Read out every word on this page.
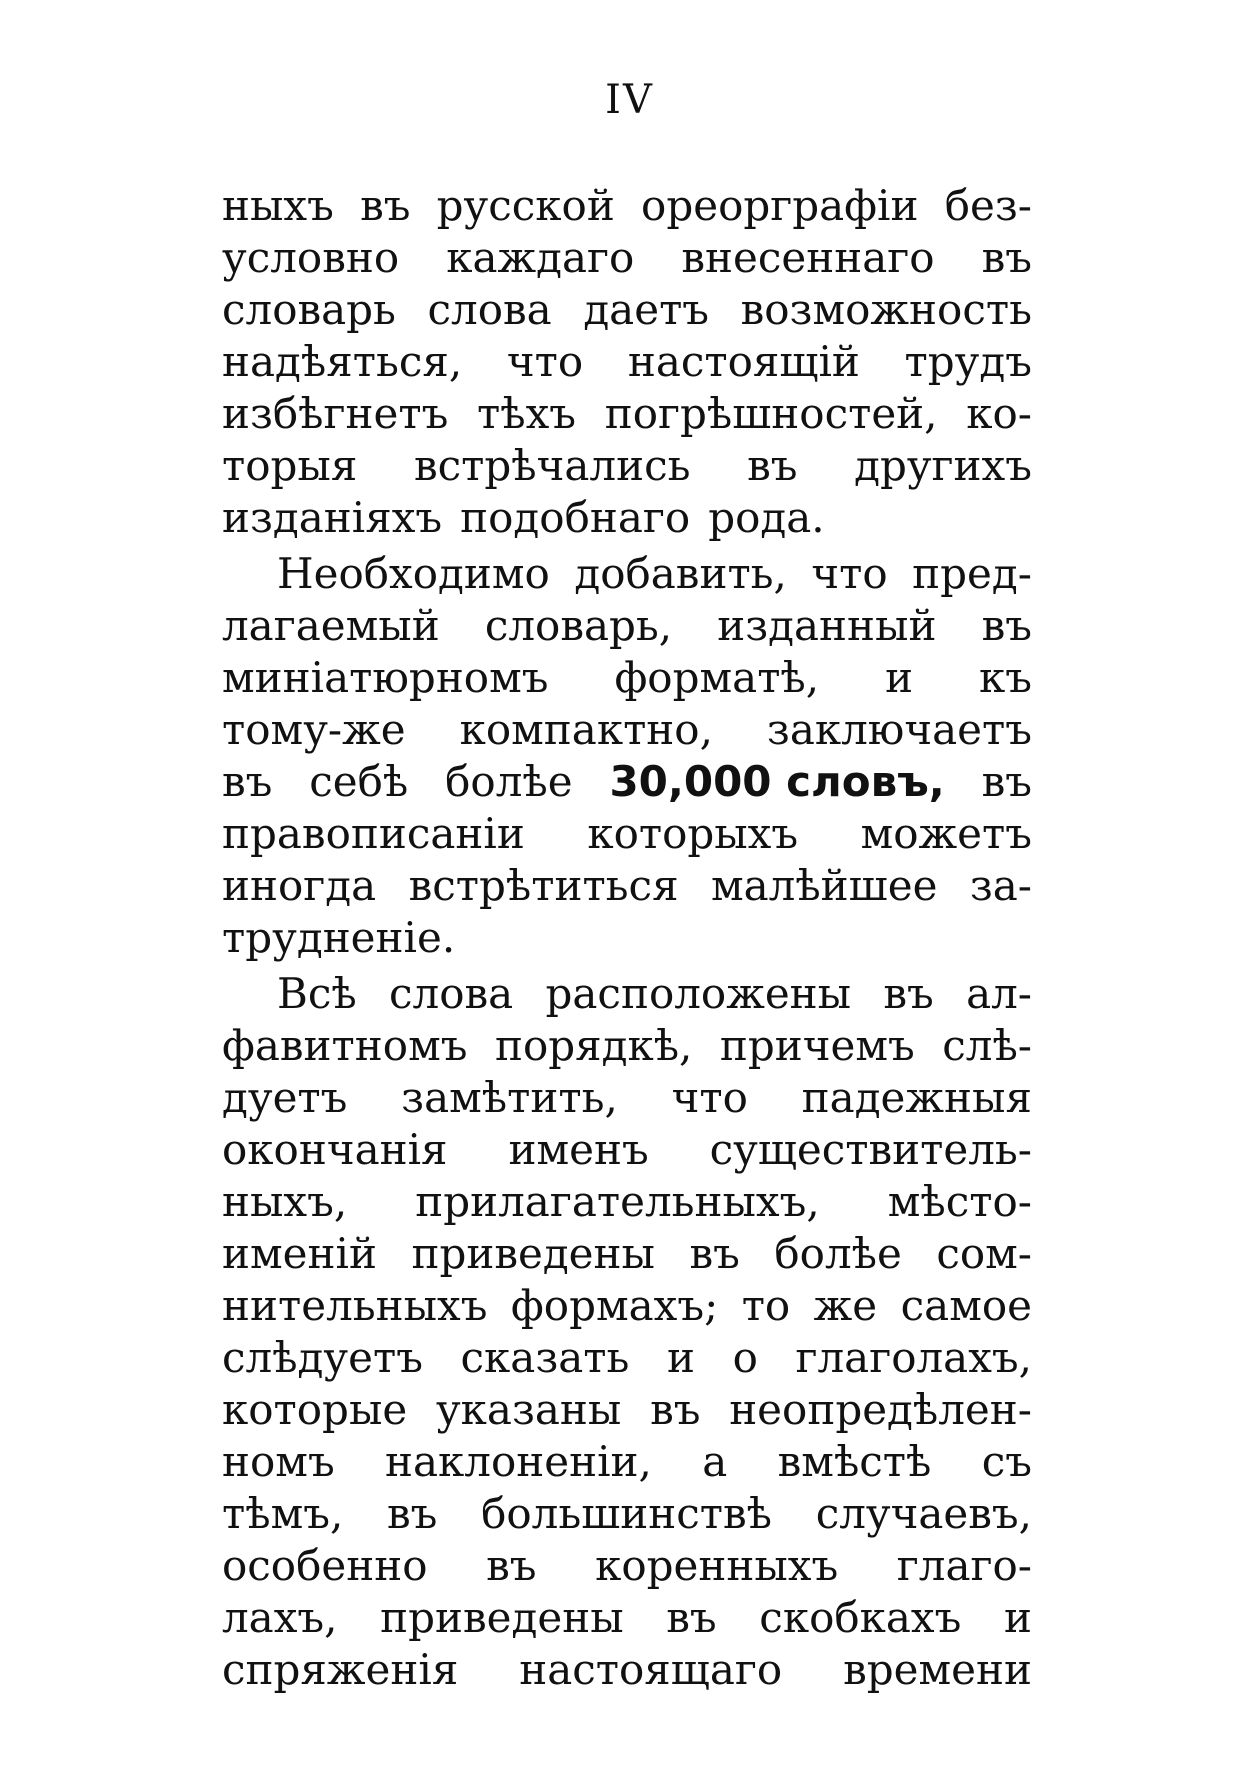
IV
ныхъ въ русской ореорграфіи без-
условно каждаго внесеннаго въ
словарь слова даетъ возможность
надѣяться, что настоящій трудъ
избѣгнетъ тѣхъ погрѣшностей, ко-
торыя встрѣчались въ другихъ
изданіяхъ подобнаго рода.
Необходимо добавить, что пред-
лагаемый словарь, изданный въ
миніатюрномъ форматѣ, и къ
тому-же компактно, заключаетъ
въ себѣ болѣе 30,000 словъ, въ
правописаніи которыхъ можетъ
иногда встрѣтиться малѣйшее за-
трудненіе.
Всѣ слова расположены въ ал-
фавитномъ порядкѣ, причемъ слѣ-
дуетъ замѣтить, что падежныя
окончанія именъ существитель-
ныхъ, прилагательныхъ, мѣсто-
именій приведены въ болѣе сом-
нительныхъ формахъ; то же самое
слѣдуетъ сказать и о глаголахъ,
которые указаны въ неопредѣлен-
номъ наклоненіи, а вмѣстѣ съ
тѣмъ, въ большинствѣ случаевъ,
особенно въ коренныхъ глаго-
лахъ, приведены въ скобкахъ и
спряженія настоящаго времени
